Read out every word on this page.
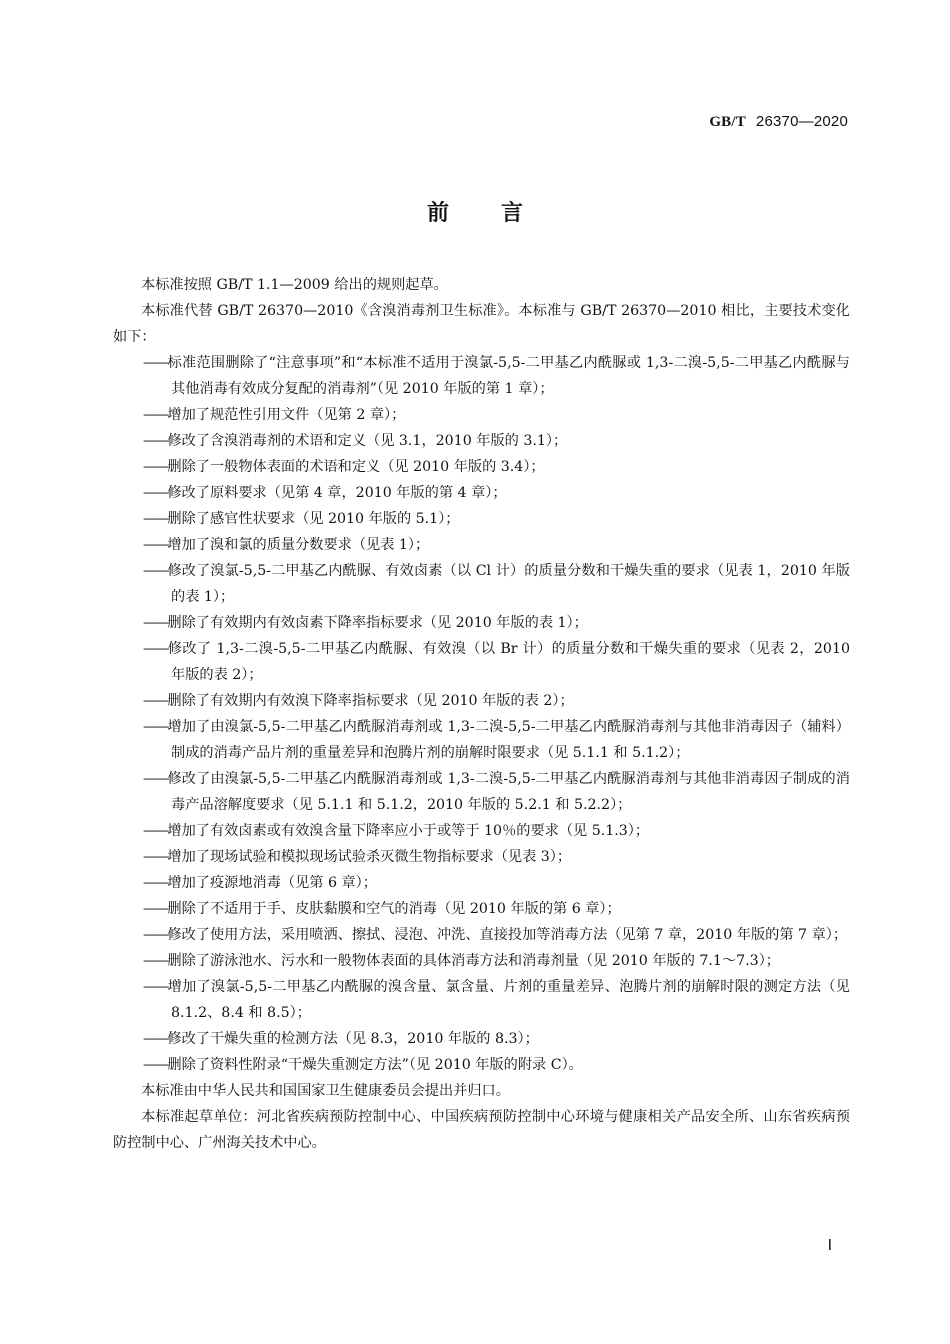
GB/T 26370—2020
前言

本标准按照 GB/T 1.1—2009 给出的规则起草。

本标准代替 GB/T 26370—2010《含溴消毒剂卫生标准》。本标准与 GB/T 26370—2010 相比，主要技术变化如下：

——标准范围删除了“注意事项”和“本标准不适用于溴氯-5,5-二甲基乙内酰脲或 1,3-二溴-5,5-二甲基乙内酰脲与其他消毒有效成分复配的消毒剂”（见 2010 年版的第 1 章）；

——增加了规范性引用文件（见第 2 章）；

——修改了含溴消毒剂的术语和定义（见 3.1，2010 年版的 3.1）；

——删除了一般物体表面的术语和定义（见 2010 年版的 3.4）；

——修改了原料要求（见第 4 章，2010 年版的第 4 章）；

——删除了感官性状要求（见 2010 年版的 5.1）；

——增加了溴和氯的质量分数要求（见表 1）；

——修改了溴氯-5,5-二甲基乙内酰脲、有效卤素（以 Cl 计）的质量分数和干燥失重的要求（见表 1，2010 年版的表 1）；

——删除了有效期内有效卤素下降率指标要求（见 2010 年版的表 1）；

——修改了 1,3-二溴-5,5-二甲基乙内酰脲、有效溴（以 Br 计）的质量分数和干燥失重的要求（见表 2，2010 年版的表 2）；

——删除了有效期内有效溴下降率指标要求（见 2010 年版的表 2）；

——增加了由溴氯-5,5-二甲基乙内酰脲消毒剂或 1,3-二溴-5,5-二甲基乙内酰脲消毒剂与其他非消毒因子（辅料）制成的消毒产品片剂的重量差异和泡腾片剂的崩解时限要求（见 5.1.1 和 5.1.2）；

——修改了由溴氯-5,5-二甲基乙内酰脲消毒剂或 1,3-二溴-5,5-二甲基乙内酰脲消毒剂与其他非消毒因子制成的消毒产品溶解度要求（见 5.1.1 和 5.1.2，2010 年版的 5.2.1 和 5.2.2）；

——增加了有效卤素或有效溴含量下降率应小于或等于 10％的要求（见 5.1.3）；

——增加了现场试验和模拟现场试验杀灭微生物指标要求（见表 3）；

——增加了疫源地消毒（见第 6 章）；

——删除了不适用于手、皮肤黏膜和空气的消毒（见 2010 年版的第 6 章）；

——修改了使用方法，采用喷洒、擦拭、浸泡、冲洗、直接投加等消毒方法（见第 7 章，2010 年版的第 7 章）；

——删除了游泳池水、污水和一般物体表面的具体消毒方法和消毒剂量（见 2010 年版的 7.1～7.3）；

——增加了溴氯-5,5-二甲基乙内酰脲的溴含量、氯含量、片剂的重量差异、泡腾片剂的崩解时限的测定方法（见 8.1.2、8.4 和 8.5）；

——修改了干燥失重的检测方法（见 8.3，2010 年版的 8.3）；

——删除了资料性附录“干燥失重测定方法”（见 2010 年版的附录 C）。

本标准由中华人民共和国国家卫生健康委员会提出并归口。

本标准起草单位：河北省疾病预防控制中心、中国疾病预防控制中心环境与健康相关产品安全所、山东省疾病预防控制中心、广州海关技术中心。

Ⅰ
